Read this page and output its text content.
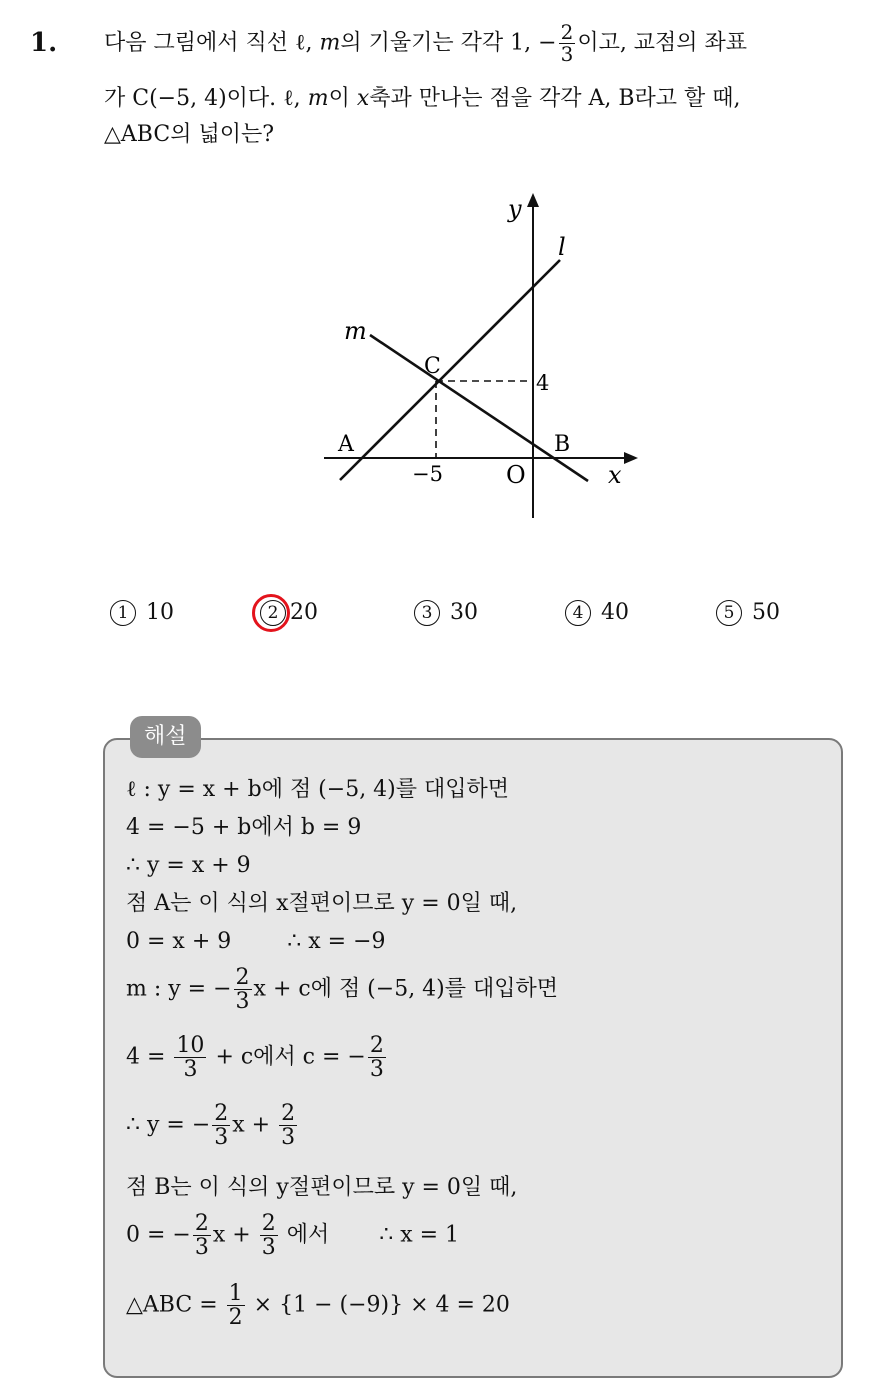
1. 다음 그림에서 직선 ℓ, m의 기울기는 각각 1, − $\frac{2}{3}$ 이고, 교점의 좌표
가 C(−5, 4)이다. ℓ, m이 x축과 만나는 점을 각각 A, B라고 할 때,
△ABC의 넓이는?
y
x
O
l
m
A	B
C
−5
4
1 10	2 20	3 30	4 40	5 50
해설
ℓ : y = x + b에 점 (−5, 4)를 대입하면
4 = −5 + b에서 b = 9
∴ y = x + 9
점 A는 이 식의 x절편이므로 y = 0일 때,
0 = x + 9	∴ x = −9
m : y = − $\frac{2}{3}$ x + c에 점 (−5, 4)를 대입하면
$4 = \frac{10}{3} + c$에서 c = − $\frac{2}{3}$
∴ y = − $\frac{2}{3}$ $x + \frac{2}{3}$
점 B는 이 식의 y절편이므로 y = 0일 때,
0 = − $\frac{2}{3}$ $x + \frac{2}{3}$ 에서 ∴ x = 1
△ABC = $\frac{1}{2} \times \{1 - (-9)\} \times 4 = 20$
